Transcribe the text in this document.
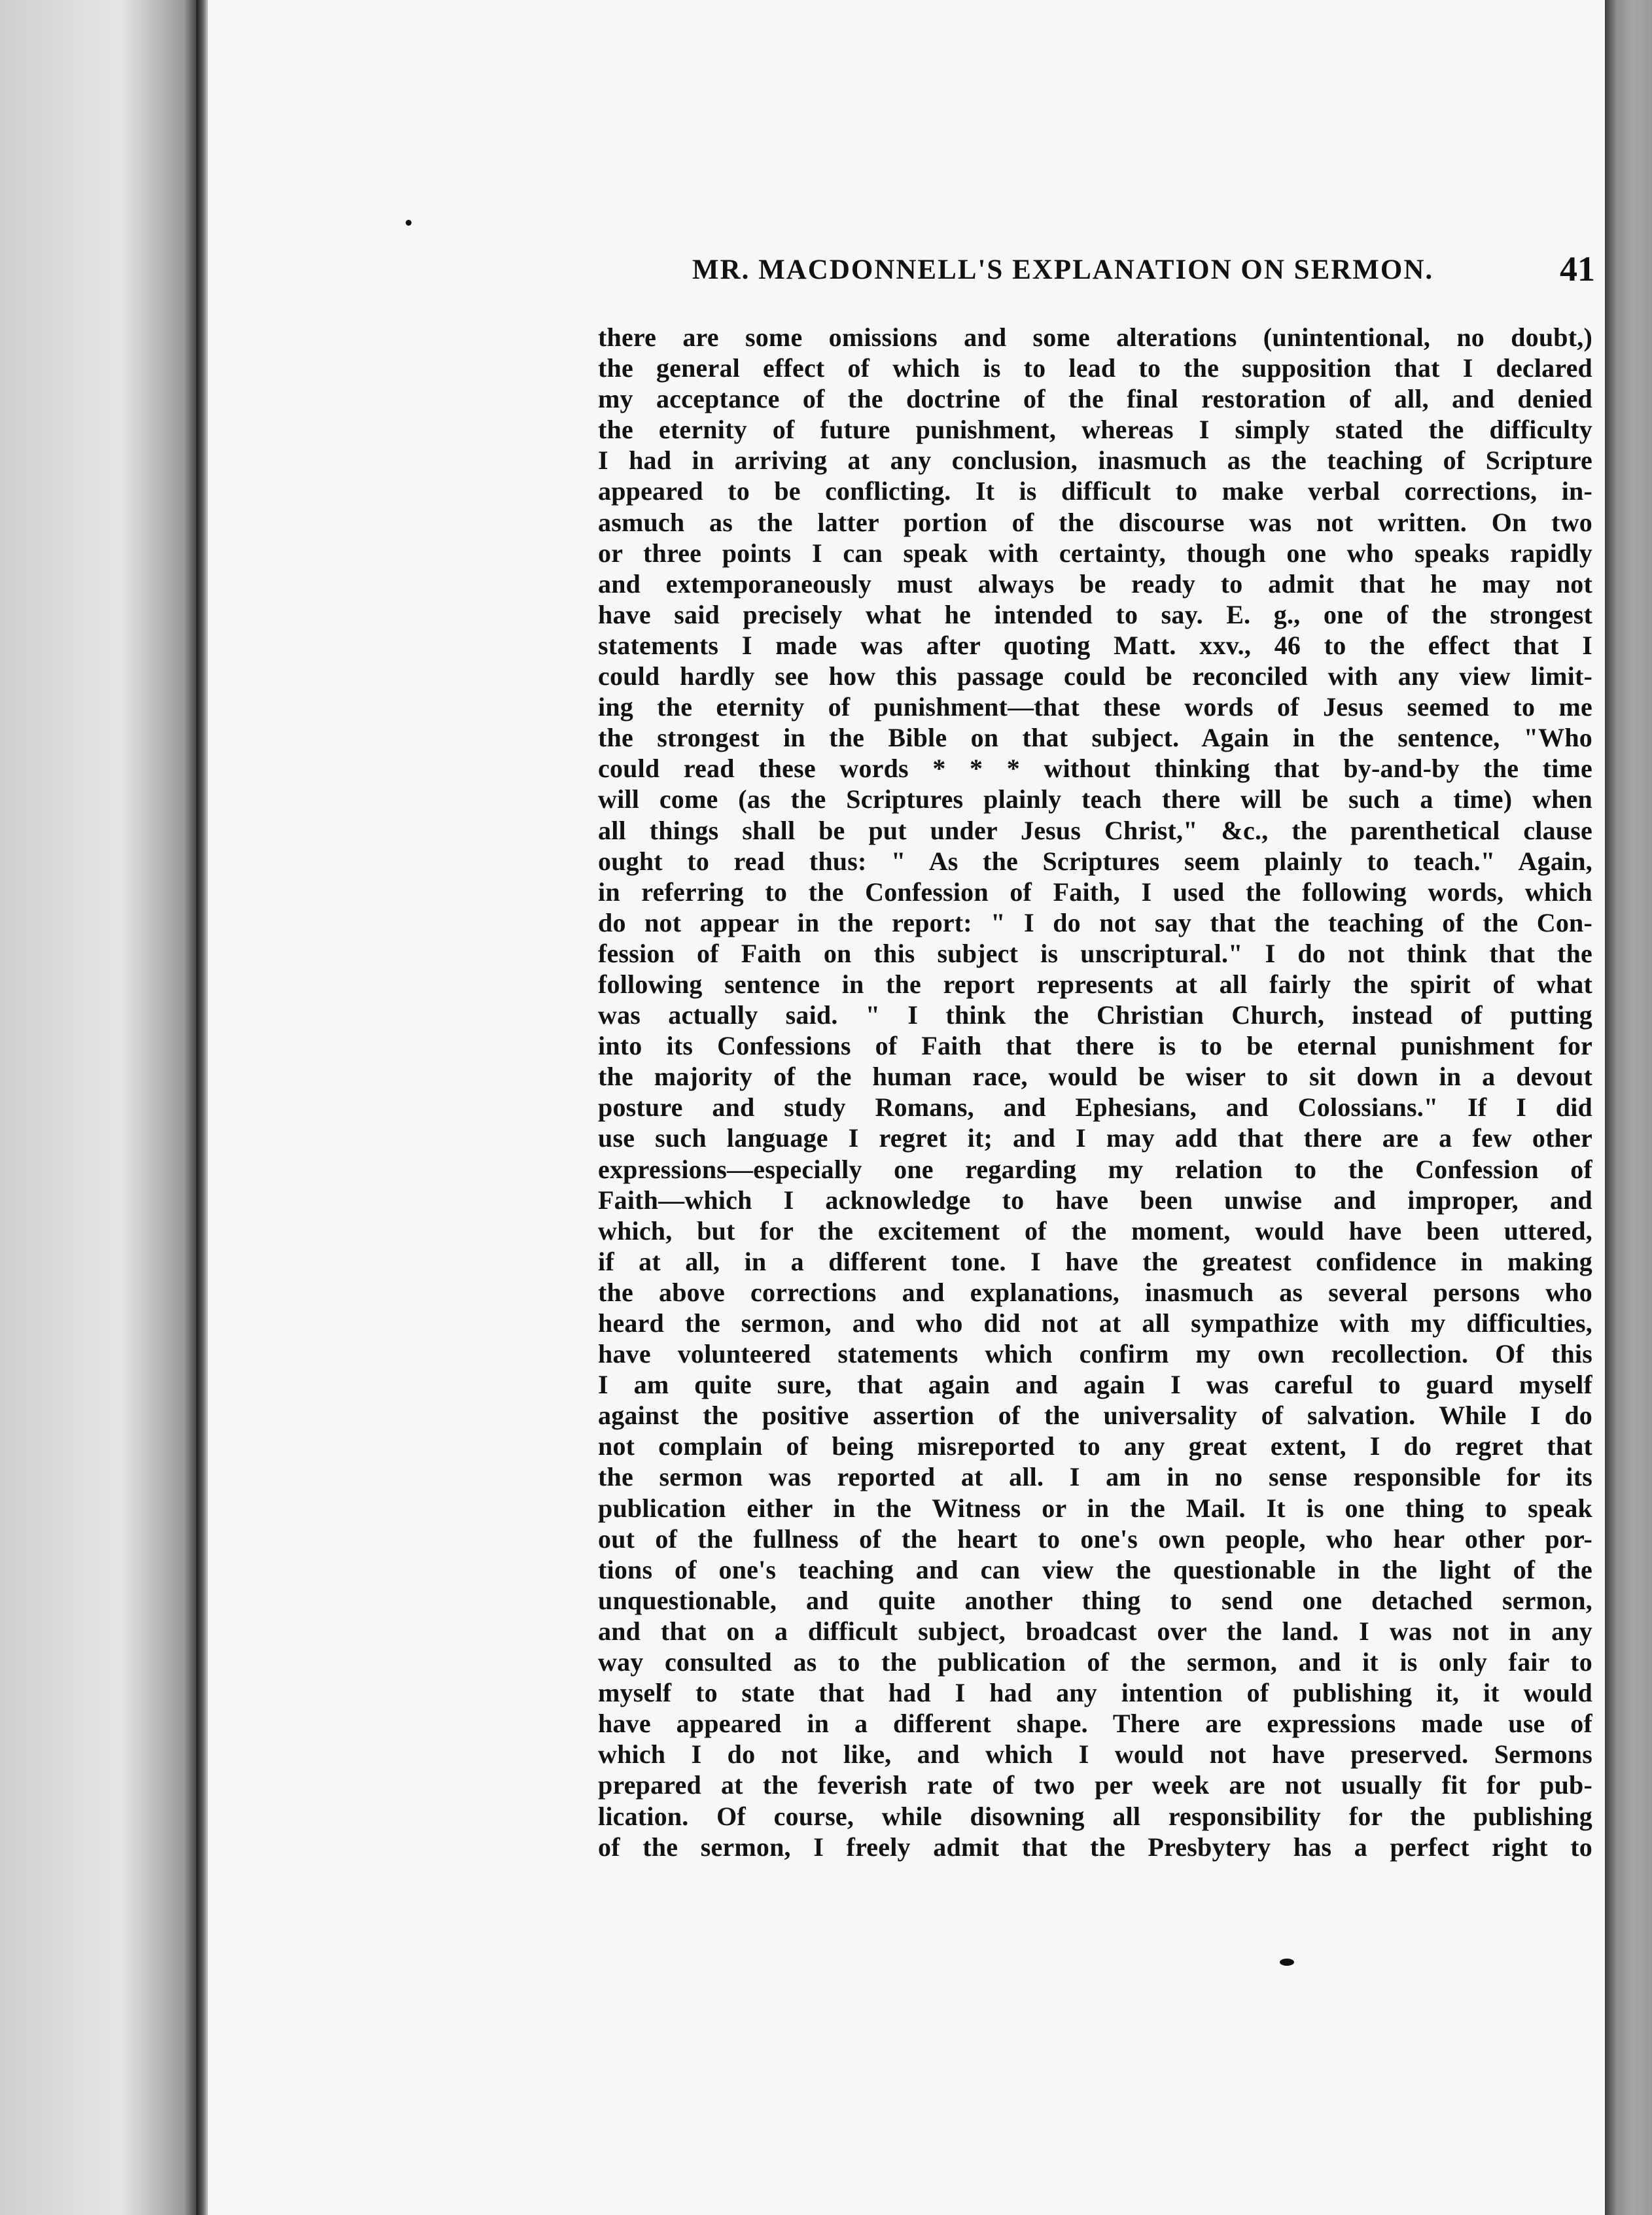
MR. MACDONNELL'S EXPLANATION ON SERMON.	41
there are some omissions and some alterations (unintentional, no doubt,)
the general effect of which is to lead to the supposition that I declared
my acceptance of the doctrine of the final restoration of all, and denied
the eternity of future punishment, whereas I simply stated the difficulty
I had in arriving at any conclusion, inasmuch as the teaching of Scripture
appeared to be conflicting. It is difficult to make verbal corrections, in-
asmuch as the latter portion of the discourse was not written. On two
or three points I can speak with certainty, though one who speaks rapidly
and extemporaneously must always be ready to admit that he may not
have said precisely what he intended to say. E. g., one of the strongest
statements I made was after quoting Matt. xxv., 46 to the effect that I
could hardly see how this passage could be reconciled with any view limit-
ing the eternity of punishment—that these words of Jesus seemed to me
the strongest in the Bible on that subject. Again in the sentence, "Who
could read these words * * * without thinking that by-and-by the time
will come (as the Scriptures plainly teach there will be such a time) when
all things shall be put under Jesus Christ," &c., the parenthetical clause
ought to read thus: " As the Scriptures seem plainly to teach." Again,
in referring to the Confession of Faith, I used the following words, which
do not appear in the report: " I do not say that the teaching of the Con-
fession of Faith on this subject is unscriptural." I do not think that the
following sentence in the report represents at all fairly the spirit of what
was actually said. " I think the Christian Church, instead of putting
into its Confessions of Faith that there is to be eternal punishment for
the majority of the human race, would be wiser to sit down in a devout
posture and study Romans, and Ephesians, and Colossians." If I did
use such language I regret it; and I may add that there are a few other
expressions—especially one regarding my relation to the Confession of
Faith—which I acknowledge to have been unwise and improper, and
which, but for the excitement of the moment, would have been uttered,
if at all, in a different tone. I have the greatest confidence in making
the above corrections and explanations, inasmuch as several persons who
heard the sermon, and who did not at all sympathize with my difficulties,
have volunteered statements which confirm my own recollection. Of this
I am quite sure, that again and again I was careful to guard myself
against the positive assertion of the universality of salvation. While I do
not complain of being misreported to any great extent, I do regret that
the sermon was reported at all. I am in no sense responsible for its
publication either in the Witness or in the Mail. It is one thing to speak
out of the fullness of the heart to one's own people, who hear other por-
tions of one's teaching and can view the questionable in the light of the
unquestionable, and quite another thing to send one detached sermon,
and that on a difficult subject, broadcast over the land. I was not in any
way consulted as to the publication of the sermon, and it is only fair to
myself to state that had I had any intention of publishing it, it would
have appeared in a different shape. There are expressions made use of
which I do not like, and which I would not have preserved. Sermons
prepared at the feverish rate of two per week are not usually fit for pub-
lication. Of course, while disowning all responsibility for the publishing
of the sermon, I freely admit that the Presbytery has a perfect right to
